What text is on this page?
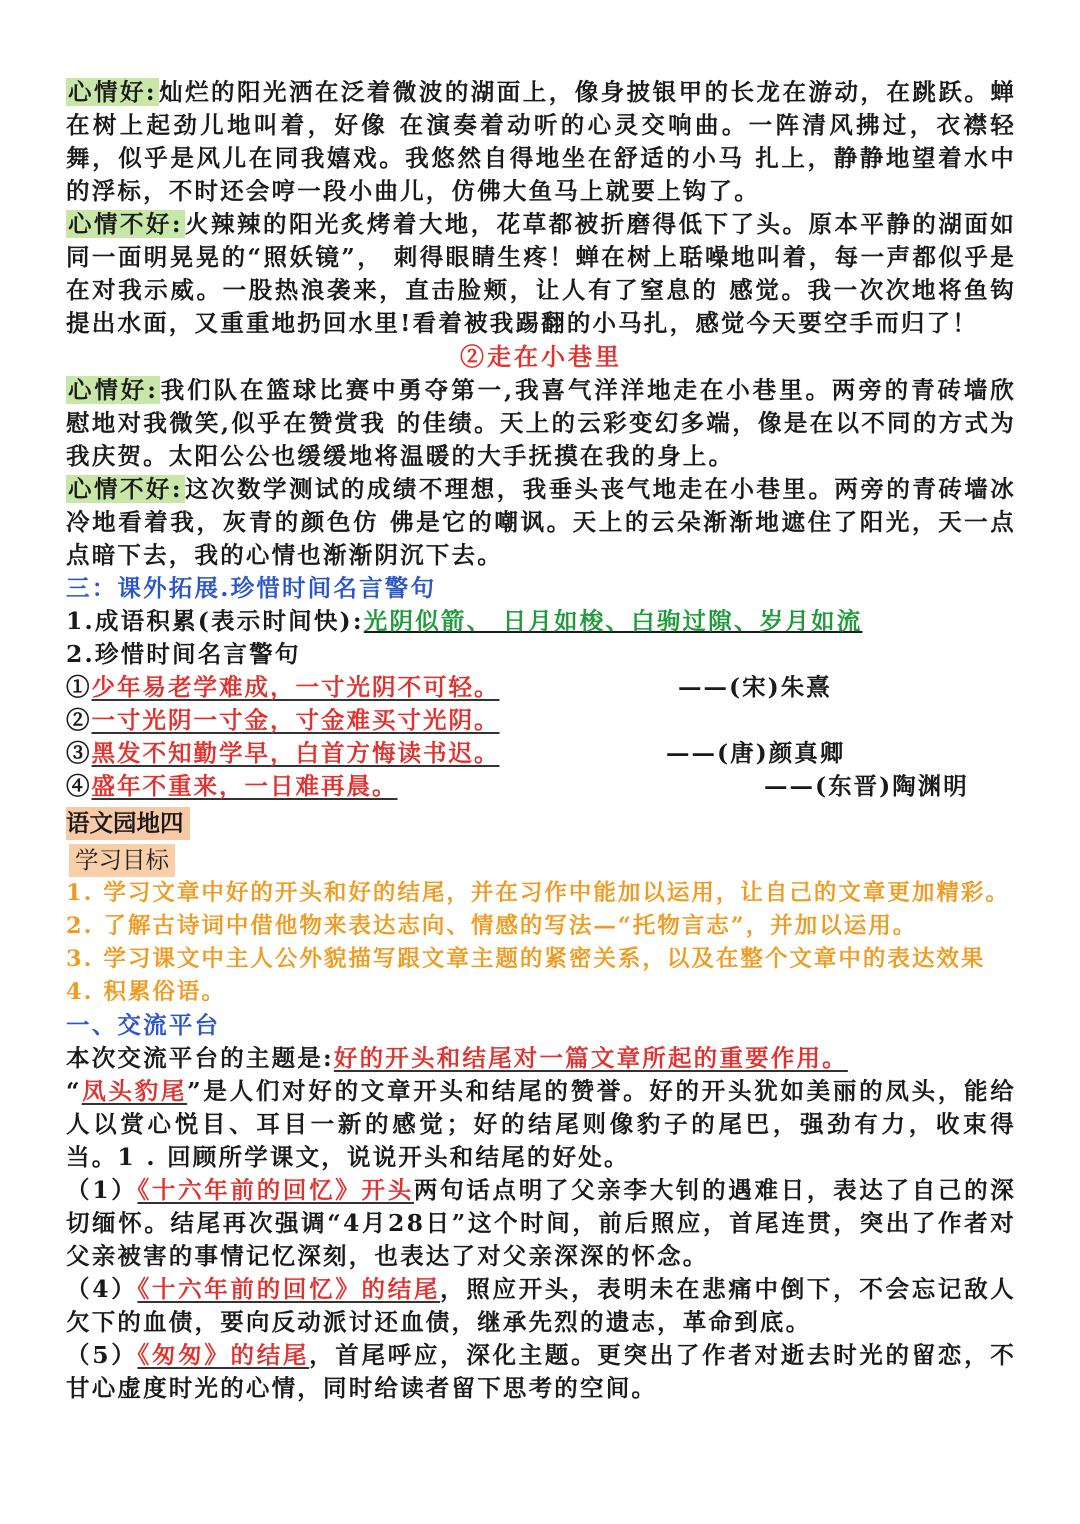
心情好:灿烂的阳光洒在泛着微波的湖面上，像身披银甲的长龙在游动，在跳跃。蝉在树上起劲儿地叫着，好像 在演奏着动听的心灵交响曲。一阵清风拂过，衣襟轻舞，似乎是风儿在同我嬉戏。我悠然自得地坐在舒适的小马 扎上，静静地望着水中的浮标，不时还会哼一段小曲儿，仿佛大鱼马上就要上钩了。

心情不好:火辣辣的阳光炙烤着大地，花草都被折磨得低下了头。原本平静的湖面如同一面明晃晃的“照妖镜”， 刺得眼睛生疼！蝉在树上聒噪地叫着，每一声都似乎是在对我示威。一股热浪袭来，直击脸颊，让人有了窒息的 感觉。我一次次地将鱼钩提出水面，又重重地扔回水里!看着被我踢翻的小马扎，感觉今天要空手而归了！

②走在小巷里

心情好:我们队在篮球比赛中勇夺第一,我喜气洋洋地走在小巷里。两旁的青砖墙欣慰地对我微笑,似乎在赞赏我 的佳绩。天上的云彩变幻多端，像是在以不同的方式为我庆贺。太阳公公也缓缓地将温暖的大手抚摸在我的身上。

心情不好:这次数学测试的成绩不理想，我垂头丧气地走在小巷里。两旁的青砖墙冰冷地看着我，灰青的颜色仿 佛是它的嘲讽。天上的云朵渐渐地遮住了阳光，天一点点暗下去，我的心情也渐渐阴沉下去。

三：课外拓展.珍惜时间名言警句

1.成语积累(表示时间快):光阴似箭、 日月如梭、白驹过隙、岁月如流

2.珍惜时间名言警句

①少年易老学难成，一寸光阴不可轻。	——(宋)朱熹
②一寸光阴一寸金，寸金难买寸光阴。
③黑发不知勤学早，白首方悔读书迟。	——(唐)颜真卿
④盛年不重来，一日难再晨。	——(东晋)陶渊明
语文园地四
学习目标

1. 学习文章中好的开头和好的结尾，并在习作中能加以运用，让自己的文章更加精彩。

2. 了解古诗词中借他物来表达志向、情感的写法—“托物言志”，并加以运用。

3. 学习课文中主人公外貌描写跟文章主题的紧密关系，以及在整个文章中的表达效果

4. 积累俗语。

一、交流平台

本次交流平台的主题是:好的开头和结尾对一篇文章所起的重要作用。

“凤头豹尾”是人们对好的文章开头和结尾的赞誉。好的开头犹如美丽的凤头，能给人以赏心悦目、耳目一新的感觉；好的结尾则像豹子的尾巴，强劲有力，收束得当。1 . 回顾所学课文，说说开头和结尾的好处。

（1）《十六年前的回忆》开头两句话点明了父亲李大钊的遇难日，表达了自己的深切缅怀。结尾再次强调“4月28日”这个时间，前后照应，首尾连贯，突出了作者对父亲被害的事情记忆深刻，也表达了对父亲深深的怀念。

（4）《十六年前的回忆》的结尾，照应开头，表明未在悲痛中倒下，不会忘记敌人欠下的血债，要向反动派讨还血债，继承先烈的遗志，革命到底。

（5）《匆匆》的结尾，首尾呼应，深化主题。更突出了作者对逝去时光的留恋，不甘心虚度时光的心情，同时给读者留下思考的空间。
